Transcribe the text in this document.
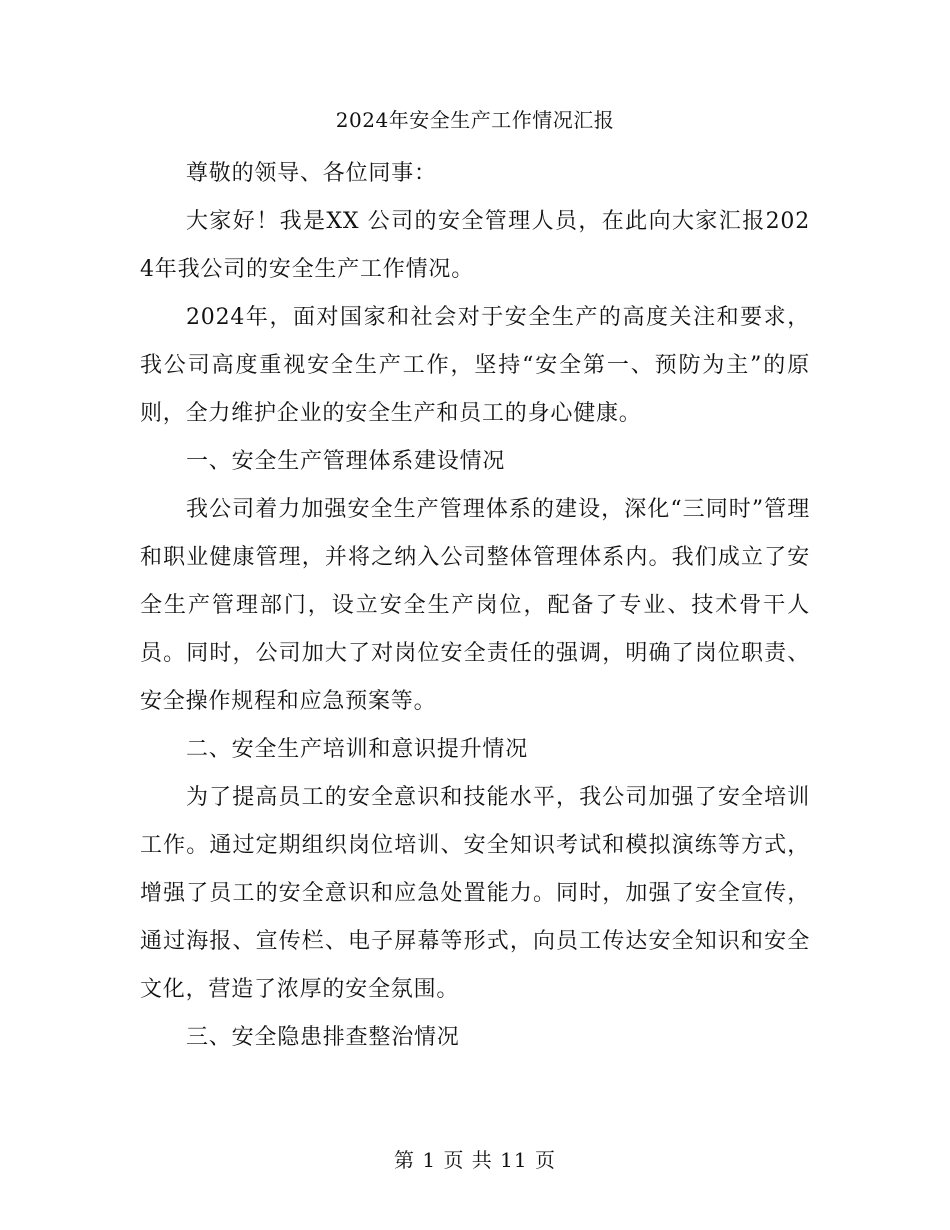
2024年安全生产工作情况汇报

尊敬的领导、各位同事：

大家好！我是XX 公司的安全管理人员，在此向大家汇报2024年我公司的安全生产工作情况。

2024年，面对国家和社会对于安全生产的高度关注和要求，我公司高度重视安全生产工作，坚持“安全第一、预防为主”的原则，全力维护企业的安全生产和员工的身心健康。

一、安全生产管理体系建设情况

我公司着力加强安全生产管理体系的建设，深化“三同时”管理和职业健康管理，并将之纳入公司整体管理体系内。我们成立了安全生产管理部门，设立安全生产岗位，配备了专业、技术骨干人员。同时，公司加大了对岗位安全责任的强调，明确了岗位职责、安全操作规程和应急预案等。

二、安全生产培训和意识提升情况

为了提高员工的安全意识和技能水平，我公司加强了安全培训工作。通过定期组织岗位培训、安全知识考试和模拟演练等方式，增强了员工的安全意识和应急处置能力。同时，加强了安全宣传，通过海报、宣传栏、电子屏幕等形式，向员工传达安全知识和安全文化，营造了浓厚的安全氛围。

三、安全隐患排查整治情况

第 1 页 共 11 页
